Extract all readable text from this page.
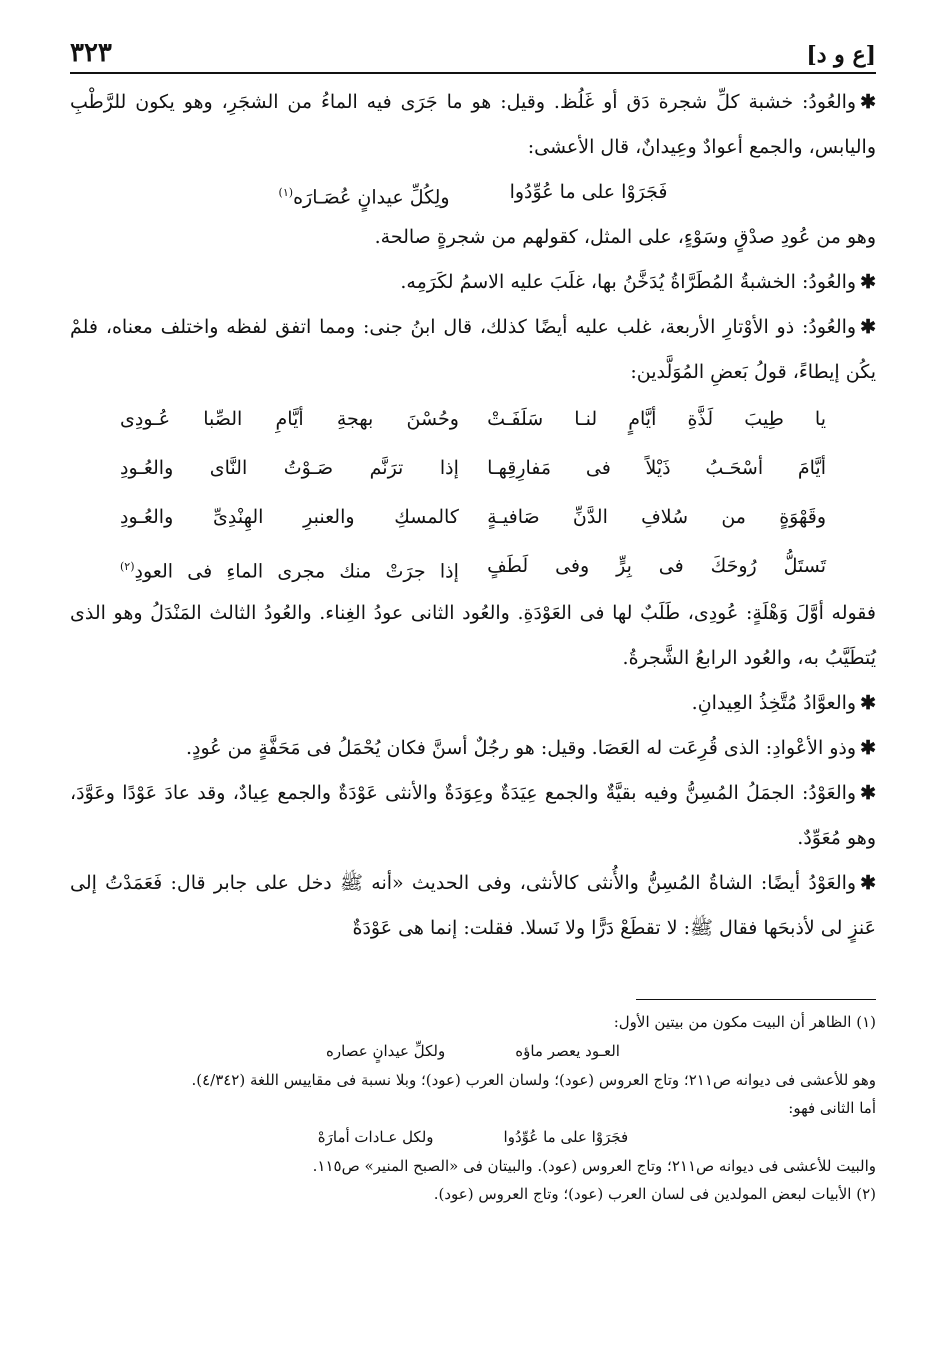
[ع و د]
٣٢٣

✱والعُودُ: خشبة كلِّ شجرة دَق أو غَلُظ. وقيل: هو ما جَرَى فيه الماءُ من الشجَرِ، وهو يكون للرَّطْبِ واليابس، والجمع أعوادٌ وعِيدانٌ، قال الأعشى:

فَجَرَوْا على ما عُوِّدُوا
ولِكُلِّ عيدانٍ عُصَـارَه$^{(١)}$

وهو من عُودِ صدْقٍ وسَوْءٍ، على المثل، كقولهم من شجرةٍ صالحة.

✱والعُودُ: الخشبةُ المُطَرَّاةُ يُدَخَّنُ بها، غلَبَ عليه الاسمُ لكَرَمِه.

✱والعُودُ: ذو الأوْتارِ الأربعة، غلب عليه أيضًا كذلك، قال ابنُ جنى: ومما اتفق لفظه واختلف معناه، فلمْ يكُن إيطاءً، قولُ بَعضِ المُوَلَّدين:

يا طِيبَ لَذَّةِ أيَّامٍ لنـا سَلَفَـتْ
وحُسْنَ بهجةِ أيَّامِ الصِّبا عُـودِى
أيَّامَ أسْحَـبُ ذَيْلاً فى مَفارِقِهـا
إذا ترَنَّم صَـوْتُ النَّاى والعُـودِ
وقَهْوَةٍ من سُلافِ الدَّنِّ صَافيـةٍ
كالمسكِ والعنبرِ الهِنْدِىِّ والعُـودِ
تَستَلُّ رُوحَكَ فى بِرٍّ وفى لَطَفٍ
إذا جرَتْ منك مجرى الماءِ فى العودِ$^{(٢)}$

فقوله أوَّلَ وَهْلَةٍ: عُودِى، طَلَبٌ لها فى العَوْدَةِ. والعُود الثانى عودُ الغِناء. والعُودُ الثالث المَنْدَلُ وهو الذى يُتطَيَّبُ به، والعُود الرابعُ الشَّجرةُ.

✱والعوَّادُ مُتَّخِذُ العِيدانِ.

✱وذو الأعْوادِ: الذى قُرِعَت له العَصَا. وقيل: هو رجُلٌ أسنَّ فكان يُحْمَلُ فى مَحَفَّةٍ من عُودٍ.

✱والعَوْدُ: الجمَلُ المُسِنُّ وفيه بقيَّةٌ والجمع عِيَدَةٌ وعِوَدَةٌ والأنثى عَوْدَةٌ والجمع عِيادٌ، وقد عادَ عَوْدًا وعَوَّدَ، وهو مُعَوِّدٌ.

✱والعَوْدُ أيضًا: الشاةُ المُسِنُّ والأُنثى كالأنثى، وفى الحديث «أنه ﷺ دخل على جابر قال: فَعَمَدْتُ إلى عَنزٍ لى لأذبحَها فقال ﷺ: لا تقطَعْ دَرًّا ولا نَسلا. فقلت: إنما هى عَوْدَةٌ

(١) الظاهر أن البيت مكون من بيتين الأول:

العـود يعصر ماؤه
ولكلِّ عيدانٍ عصاره

وهو للأعشى فى ديوانه ص٢١١؛ وتاج العروس (عود)؛ ولسان العرب (عود)؛ وبلا نسبة فى مقاييس اللغة (٤/٣٤٢).

أما الثانى فهو:

فجَرَوْا على ما عُوِّدُوا
ولكل عـادات أمارَهْ

والبيت للأعشى فى ديوانه ص٢١١؛ وتاج العروس (عود). والبيتان فى «الصبح المنير» ص١١٥.

(٢) الأبيات لبعض المولدين فى لسان العرب (عود)؛ وتاج العروس (عود).
